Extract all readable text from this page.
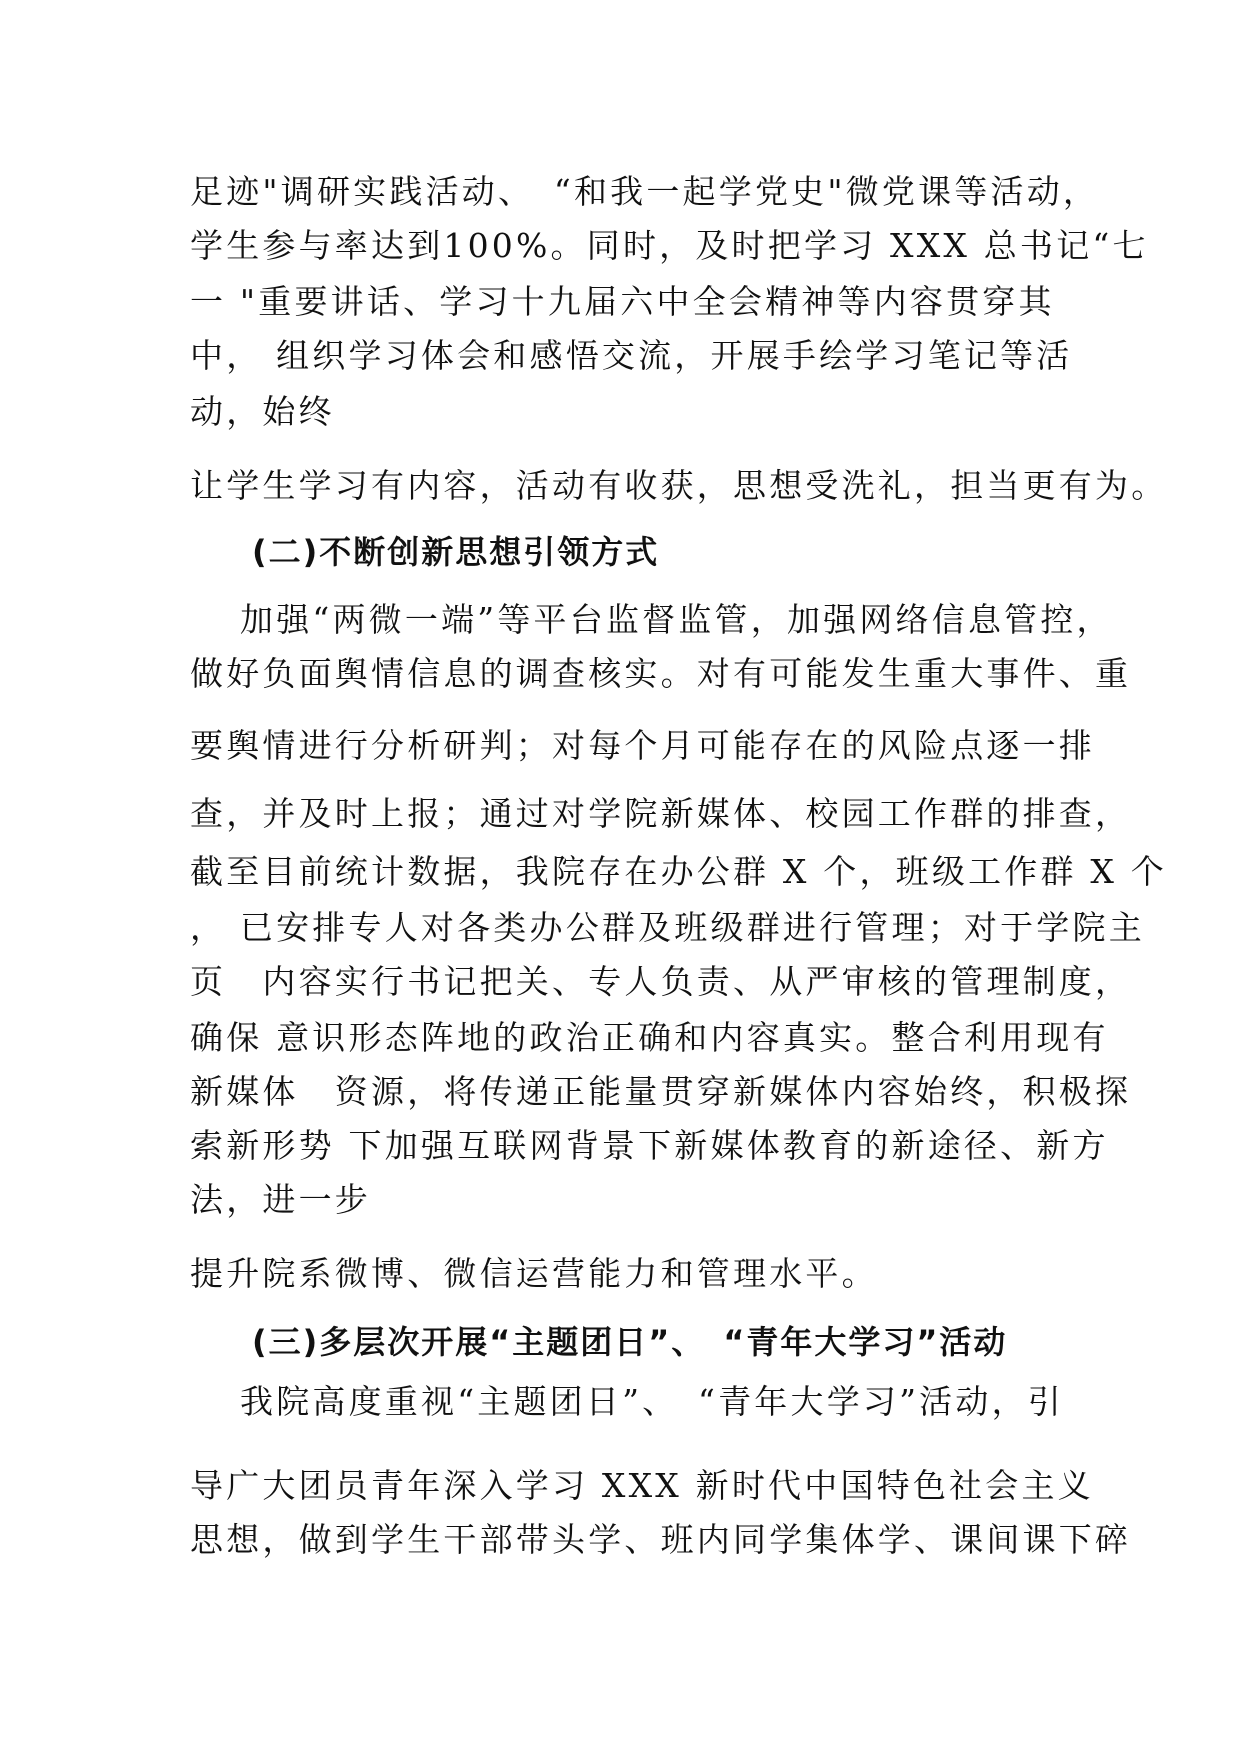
足迹"调研实践活动、　“和我一起学党史"微党课等活动，
学生参与率达到100%。同时，及时把学习 XXX 总书记“七
一 "重要讲话、学习十九届六中全会精神等内容贯穿其
中， 组织学习体会和感悟交流，开展手绘学习笔记等活
动，始终
让学生学习有内容，活动有收获，思想受洗礼，担当更有为。
(二)不断创新思想引领方式
加强“两微一端”等平台监督监管，加强网络信息管控，
做好负面舆情信息的调查核实。对有可能发生重大事件、重
要舆情进行分析研判；对每个月可能存在的风险点逐一排
查，并及时上报；通过对学院新媒体、校园工作群的排查，
截至目前统计数据，我院存在办公群 X 个，班级工作群 X 个
， 已安排专人对各类办公群及班级群进行管理；对于学院主
页　内容实行书记把关、专人负责、从严审核的管理制度，
确保 意识形态阵地的政治正确和内容真实。整合利用现有
新媒体　资源，将传递正能量贯穿新媒体内容始终，积极探
索新形势 下加强互联网背景下新媒体教育的新途径、新方
法，进一步
提升院系微博、微信运营能力和管理水平。
(三)多层次开展“主题团日”、　“青年大学习”活动
我院高度重视“主题团日”、　“青年大学习”活动，引
导广大团员青年深入学习 XXX 新时代中国特色社会主义
思想，做到学生干部带头学、班内同学集体学、课间课下碎
